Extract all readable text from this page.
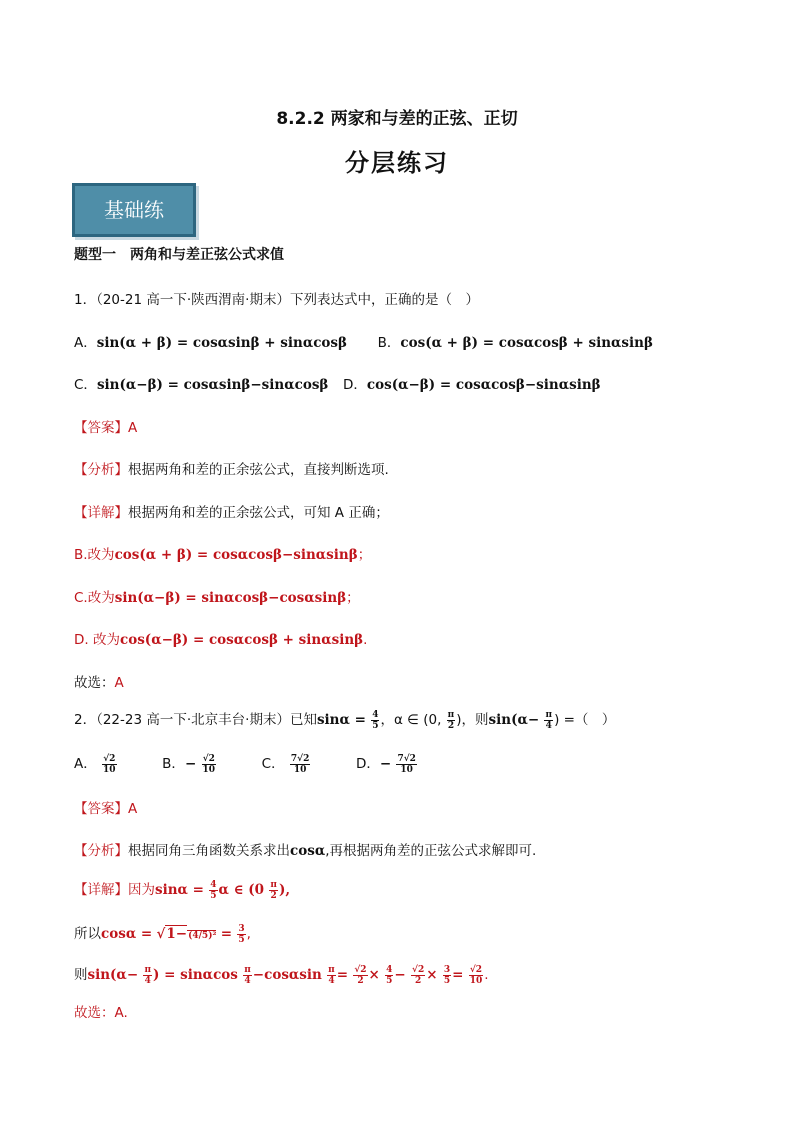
8.2.2 两家和与差的正弦、正切
分层练习
基础练
题型一　两角和与差正弦公式求值
1．（20-21 高一下·陕西渭南·期末）下列表达式中，正确的是（　）
A．sin(α + β) = cosαsinβ + sinαcosβ B．cos(α + β) = cosαcosβ + sinαsinβ
C．sin(α−β) = cosαsinβ−sinαcosβ D．cos(α−β) = cosαcosβ−sinαsinβ
【答案】A
【分析】根据两角和差的正余弦公式，直接判断选项.
【详解】根据两角和差的正余弦公式，可知 A 正确；
B.改为cos(α + β) = cosαcosβ−sinαsinβ；
C.改为sin(α−β) = sinαcosβ−cosαsinβ；
D. 改为cos(α−β) = cosαcosβ + sinαsinβ.
故选：A
2．（22-23 高一下·北京丰台·期末）已知$\sin\alpha = \frac{4}{5}$ ，α ∈ (0, $\frac{\pi}{2}$ )，则$\sin(\alpha- \frac{\pi}{4}$ ) =（　）
A． $\frac{√2}{10}$	B．− $\frac{√2}{10}$	C． $\frac{7√2}{10}$	D．− $\frac{7√2}{10}$
【答案】A
【分析】根据同角三角函数关系求出cosα,再根据两角差的正弦公式求解即可.
【详解】因为$\sin\alpha = \frac{4}{5}$ α ∈ ($0 \frac{\pi}{2}$ ),
所以$\cos\alpha = √1-(4/5)^2 = \frac{3}{5}$ ,
则$\sin(\alpha- \frac{\pi}{4}$ ) = sinαcos $\frac{\pi}{4} -\cos\alpha\sin \frac{\pi}{4} = \frac{√2}{2} \times \frac{4}{5} - \frac{√2}{2} \times \frac{3}{5} = \frac{√2}{10}$ .
故选：A.
